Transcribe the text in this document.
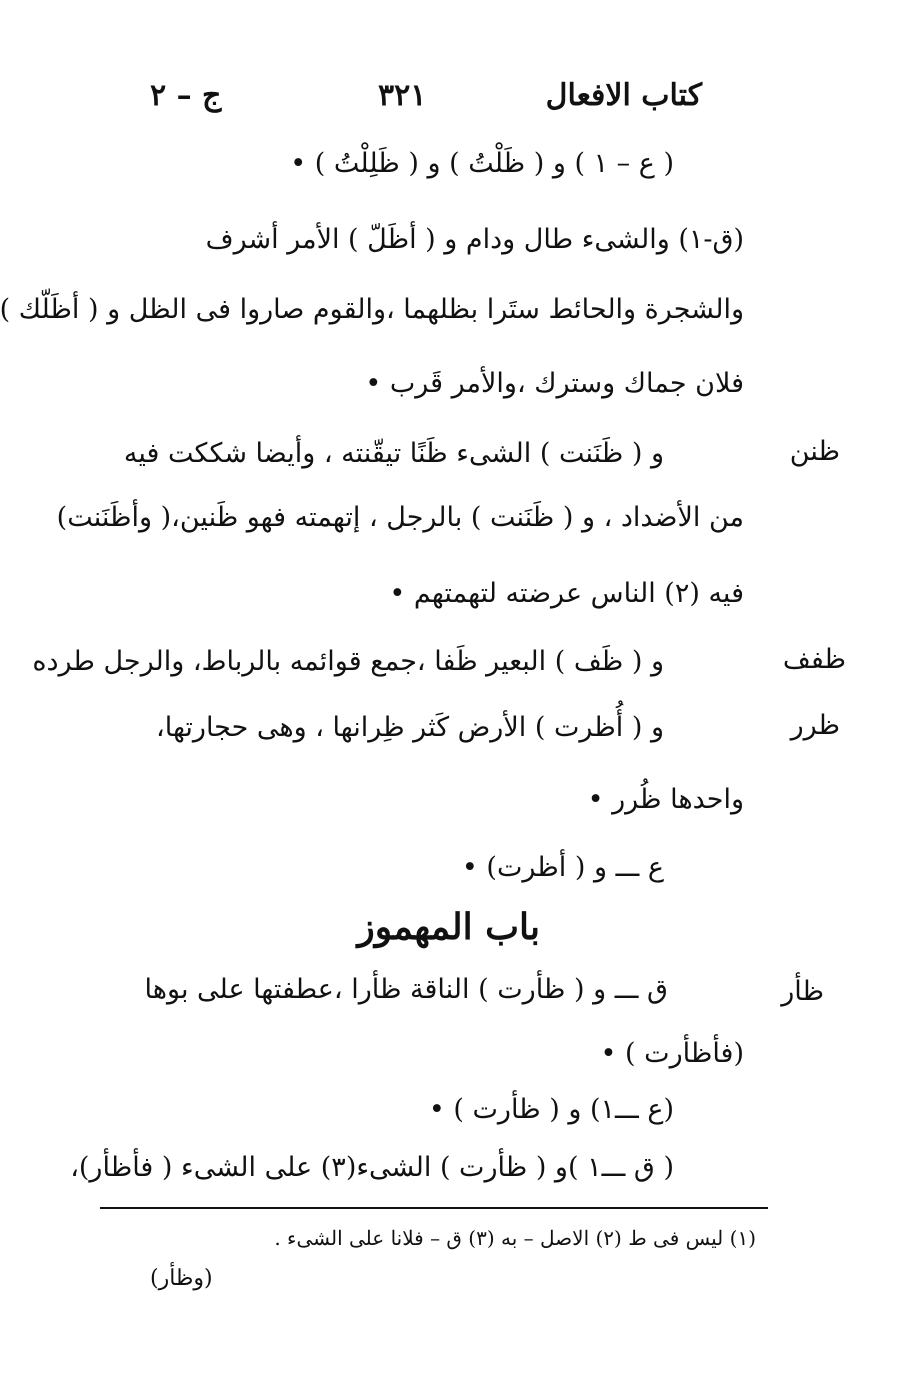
كتاب الافعال
٣٢١
ج – ٢
( ع – ١ ) و ( ظَلْتُ ) و ( ظَلِلْتُ ) •
(ق-١) والشىء طال ودام و ( أظَلّ ) الأمر أشرف
والشجرة والحائط ستَرا بظلهما ،والقوم صاروا فى الظل و ( أظَلّك )
فلان جماك وسترك ،والأمر قَرب •
ظنن
و ( ظَنَنت ) الشىء ظَنًا تيقّنته ، وأيضا شككت فيه
من الأضداد ، و ( ظَنَنت ) بالرجل ، إتهمته فهو ظَنين،( وأظَنَنت)
فيه (٢) الناس عرضته لتهمتهم •
ظفف
و ( ظَف ) البعير ظَفا ،جمع قوائمه بالرباط، والرجل طرده
ظرر
و ( أُظرت ) الأرض كَثر ظِرانها ، وهى حجارتها،
واحدها ظُرر •
ع ـــ و ( أظرت) •
باب المهموز
ظأر
ق ـــ و ( ظأرت ) الناقة ظأرا ،عطفتها على بوها
(فأظأرت ) •
(ع ـــ١) و ( ظأرت ) •
( ق ـــ١ )و ( ظأرت ) الشىء(٣) على الشىء ( فأظأر)،
(١) ليس فى ط (٢) الاصل – به (٣) ق – فلانا على الشىء .
(وظأر)
